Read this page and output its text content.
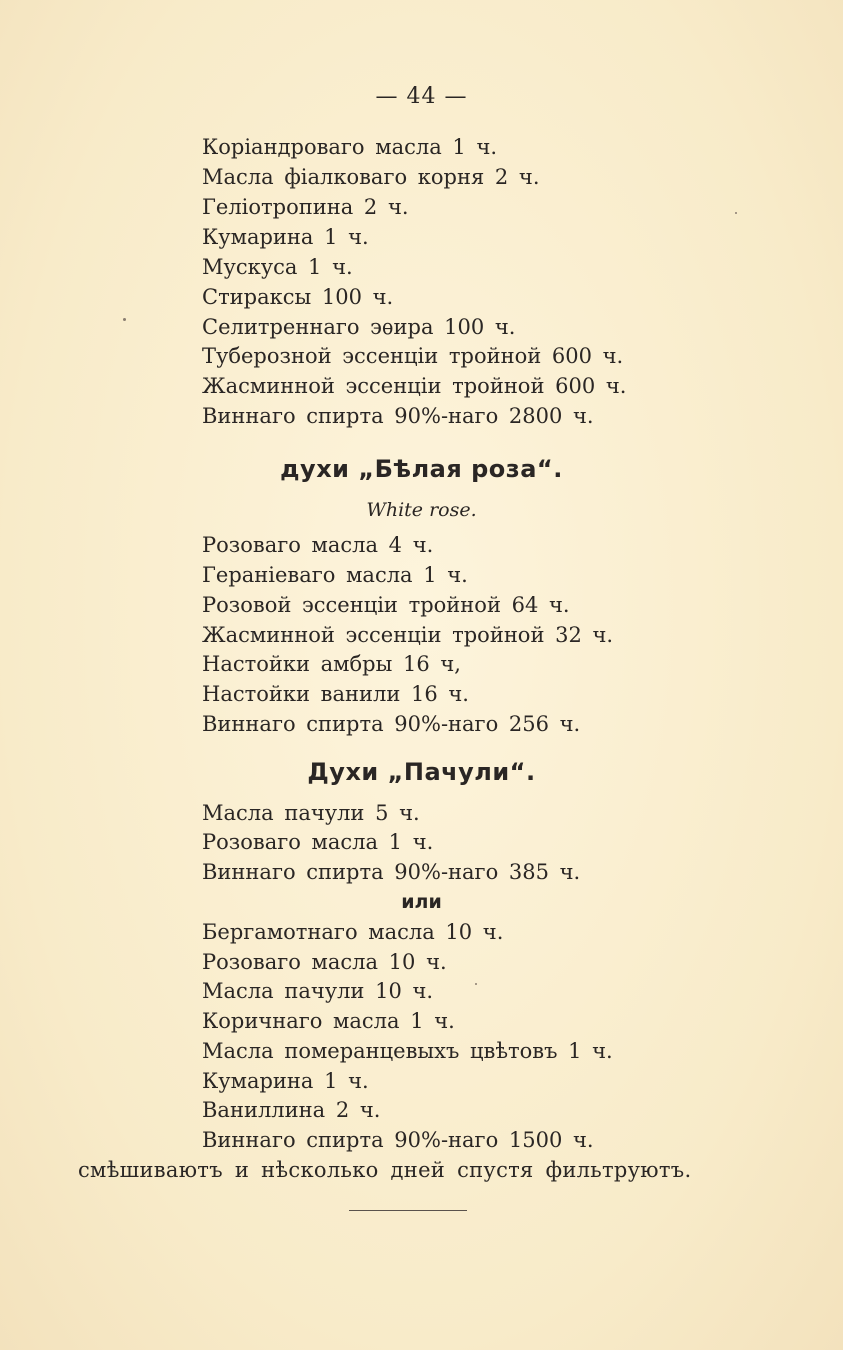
— 44 —
Коріандроваго масла 1 ч.
Масла фіалковаго корня 2 ч.
Геліотропина 2 ч.
Кумарина 1 ч.
Мускуса 1 ч.
Стираксы 100 ч.
Селитреннаго эѳира 100 ч.
Туберозной эссенціи тройной 600 ч.
Жасминной эссенціи тройной 600 ч.
Виннаго спирта 90%-наго 2800 ч.
духи „Бѣлая роза“.
White rose.
Розоваго масла 4 ч.
Гераніеваго масла 1 ч.
Розовой эссенціи тройной 64 ч.
Жасминной эссенціи тройной 32 ч.
Настойки амбры 16 ч,
Настойки ванили 16 ч.
Виннаго спирта 90%-наго 256 ч.
Духи „Пачули“.
Масла пачули 5 ч.
Розоваго масла 1 ч.
Виннаго спирта 90%-наго 385 ч.
или
Бергамотнаго масла 10 ч.
Розоваго масла 10 ч.
Масла пачули 10 ч.
Коричнаго масла 1 ч.
Масла померанцевыхъ цвѣтовъ 1 ч.
Кумарина 1 ч.
Ваниллина 2 ч.
Виннаго спирта 90%-наго 1500 ч.
смѣшиваютъ и нѣсколько дней спустя фильтруютъ.
